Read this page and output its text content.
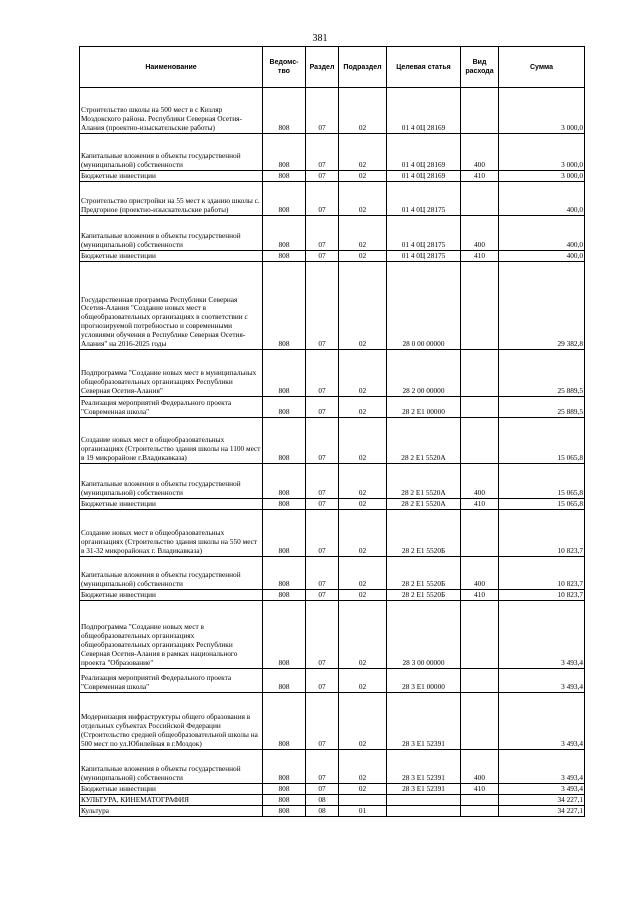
381
Наименование	Ведомс-тво	Раздел	Подраздел	Целевая статья	Вид расхода	Сумма
Строительство школы на 500 мест в с Кизляр Моздокского района. Республики Северная Осетия-Алания (проектно-изыскательские работы)	808	07	02	01 4 0Ц 28169		3 000,0
Капитальные вложения в объекты государственной (муниципальной) собственности	808	07	02	01 4 0Ц 28169	400	3 000,0
Бюджетные инвестиции	808	07	02	01 4 0Ц 28169	410	3 000,0
Строительство пристройки на 55 мест к зданию школы с. Предгорное (проектно-изыскательские работы)	808	07	02	01 4 0Ц 28175		400,0
Капитальные вложения в объекты государственной (муниципальной) собственности	808	07	02	01 4 0Ц 28175	400	400,0
Бюджетные инвестиции	808	07	02	01 4 0Ц 28175	410	400,0
Государственная программа Республики Северная Осетия-Алания "Создание новых мест в общеобразовательных организациях в соответствии с прогнозируемой потребностью и современными условиями обучения в Республике Северная Осетия-Алания" на 2016-2025 годы	808	07	02	28 0 00 00000		29 382,8
Подпрограмма "Создание новых мест в муниципальных общеобразовательных организациях Республики Северная Осетия-Алания"	808	07	02	28 2 00 00000		25 889,5
Реализация мероприятий Федерального проекта "Современная школа"	808	07	02	28 2 E1 00000		25 889,5
Создание новых мест в общеобразовательных организациях (Строительство здания школы на 1100 мест в 19 микрорайоне г.Владикавказа)	808	07	02	28 2 E1 5520А		15 065,8
Капитальные вложения в объекты государственной (муниципальной) собственности	808	07	02	28 2 E1 5520А	400	15 065,8
Бюджетные инвестиции	808	07	02	28 2 E1 5520А	410	15 065,8
Создание новых мест в общеобразовательных организациях (Строительство здания школы на 550 мест в 31-32 микрорайонах г. Владикавказа)	808	07	02	28 2 E1 5520Б		10 823,7
Капитальные вложения в объекты государственной (муниципальной) собственности	808	07	02	28 2 E1 5520Б	400	10 823,7
Бюджетные инвестиции	808	07	02	28 2 E1 5520Б	410	10 823,7
Подпрограмма "Создание новых мест в общеобразовательных организациях общеобразовательных организациях Республики Северная Осетия-Алания в рамках национального проекта "Образование"	808	07	02	28 3 00 00000		3 493,4
Реализация мероприятий Федерального проекта "Современная школа"	808	07	02	28 3 E1 00000		3 493,4
Модернизация инфраструктуры общего образования в отдельных субъектах Российской Федерации (Строительство средней общеобразовательной школы на 500 мест по ул.Юбилейная в г.Моздок)	808	07	02	28 3 E1 52391		3 493,4
Капитальные вложения в объекты государственной (муниципальной) собственности	808	07	02	28 3 E1 52391	400	3 493,4
Бюджетные инвестиции	808	07	02	28 3 E1 52391	410	3 493,4
КУЛЬТУРА, КИНЕМАТОГРАФИЯ	808	08				34 227,1
Культура	808	08	01			34 227,1
